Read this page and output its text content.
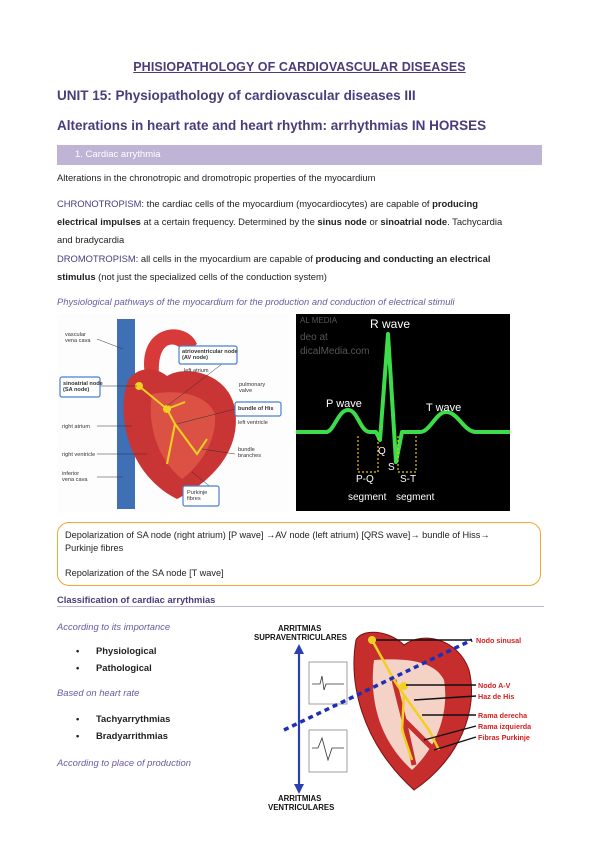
PHISIOPATHOLOGY OF CARDIOVASCULAR DISEASES
UNIT 15: Physiopathology of cardiovascular diseases III
Alterations in heart rate and heart rhythm: arrhythmias IN HORSES
1. Cardiac arrythmia
Alterations in the chronotropic and dromotropic properties of the myocardium
CHRONOTROPISM: the cardiac cells of the myocardium (myocardiocytes) are capable of producing
electrical impulses at a certain frequency. Determined by the sinus node or sinoatrial node. Tachycardia
and bradycardia
DROMOTROPISM: all cells in the myocardium are capable of producing and conducting an electrical
stimulus (not just the specialized cells of the conduction system)
Physiological pathways of the myocardium for the production and conduction of electrical stimuli
vascular
vena cava
atrioventricular node
(AV node)
left atrium
sinoatrial node
(SA node)
pulmonary
valve
right atrium
bundle of His
left ventricle
right ventricle
bundle
branches
inferior
vena cava
Purkinje
fibres
AL MEDIA
deo at
dicalMedia.com
R wave
P wave	T wave
Q
S
P-Q	S-T
segment segment
Depolarization of SA node (right atrium) [P wave] →AV node (left atrium) [QRS wave]→ bundle of Hiss→
Purkinje fibres
Repolarization of the SA node [T wave]
Classification of cardiac arrythmias
According to its importance
• Physiological
• Pathological
Based on heart rate
• Tachyarrythmias
• Bradyarrithmias
According to place of production
ARRITMIAS
SUPRAVENTRICULARES
ARRITMIAS
VENTRICULARES
Nodo sinusal
Nodo A-V
Haz de His
Rama derecha
Rama izquierda
Fibras Purkinje
